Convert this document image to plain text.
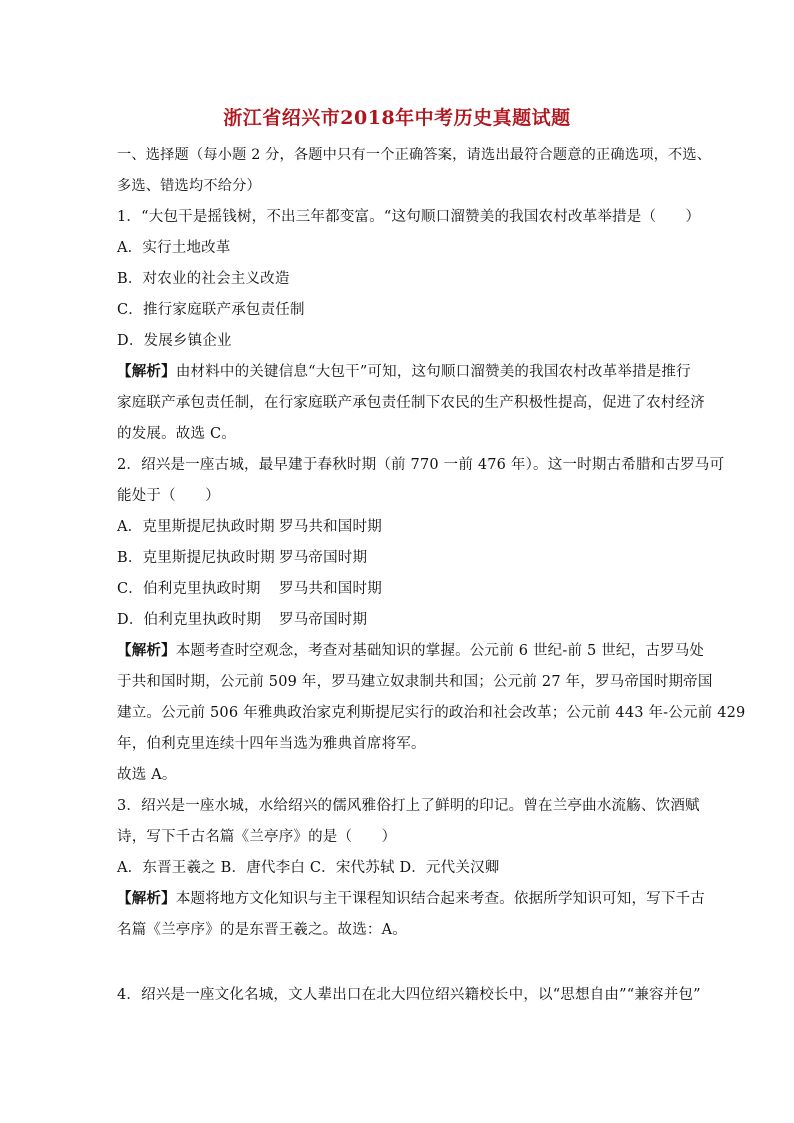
浙江省绍兴市2018年中考历史真题试题
一、选择题（每小题 2 分，各题中只有一个正确答案，请选出最符合题意的正确选项，不选、
多选、错选均不给分）
1．“大包干是摇钱树，不出三年都变富。“这句顺口溜赞美的我国农村改革举措是（　　）
A．实行土地改革
B．对农业的社会主义改造
C．推行家庭联产承包责任制
D．发展乡镇企业
【解析】由材料中的关键信息“大包干”可知，这句顺口溜赞美的我国农村改革举措是推行
家庭联产承包责任制，在行家庭联产承包责任制下农民的生产积极性提高，促进了农村经济
的发展。故选 C。
2．绍兴是一座古城，最早建于春秋时期（前 770 一前 476 年）。这一时期古希腊和古罗马可
能处于（　　）
A．克里斯提尼执政时期 罗马共和国时期
B．克里斯提尼执政时期 罗马帝国时期
C．伯利克里执政时期 罗马共和国时期
D．伯利克里执政时期 罗马帝国时期
【解析】本题考查时空观念，考查对基础知识的掌握。公元前 6 世纪-前 5 世纪，古罗马处
于共和国时期，公元前 509 年，罗马建立奴隶制共和国；公元前 27 年，罗马帝国时期帝国
建立。公元前 506 年雅典政治家克利斯提尼实行的政治和社会改革；公元前 443 年-公元前 429
年，伯利克里连续十四年当选为雅典首席将军。
故选 A。
3．绍兴是一座水城，水给绍兴的儒风雅俗打上了鲜明的印记。曾在兰亭曲水流觞、饮酒赋
诗，写下千古名篇《兰亭序》的是（　　）
A．东晋王羲之 B．唐代李白 C．宋代苏轼 D．元代关汉卿
【解析】本题将地方文化知识与主干课程知识结合起来考查。依据所学知识可知，写下千古
名篇《兰亭序》的是东晋王羲之。故选：A。
4．绍兴是一座文化名城，文人辈出口在北大四位绍兴籍校长中，以“思想自由”“兼容并包”
